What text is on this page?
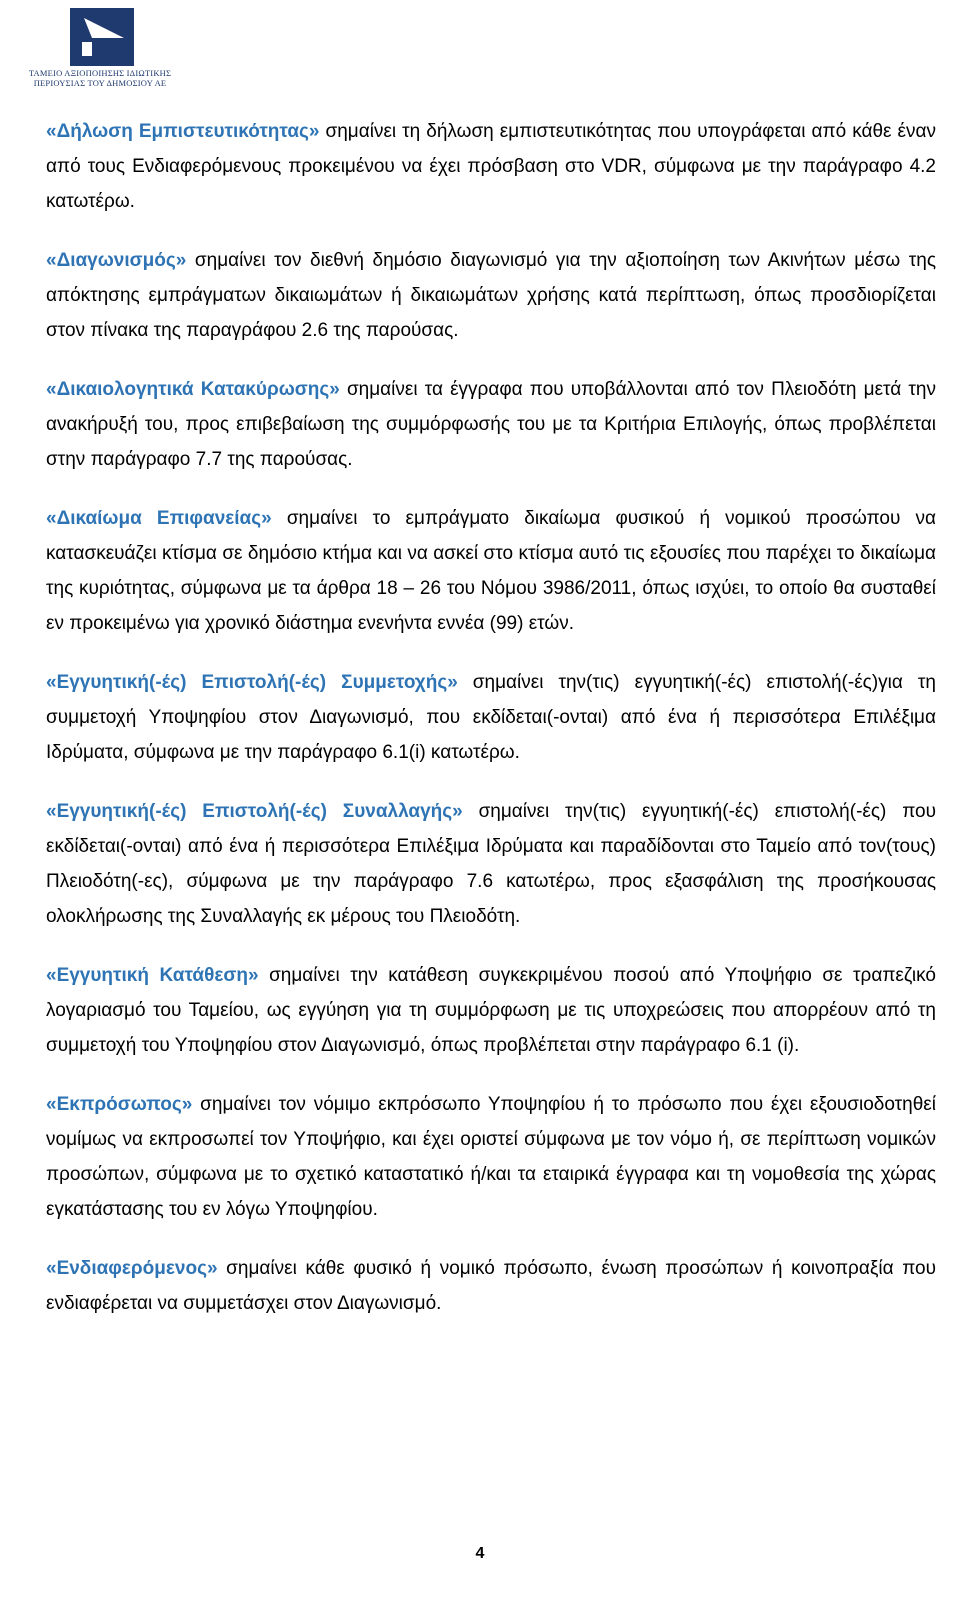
ΤΑΜΕΙΟ ΑΞΙΟΠΟΙΗΣΗΣ ΙΔΙΩΤΙΚΗΣ
ΠΕΡΙΟΥΣΙΑΣ ΤΟΥ ΔΗΜΟΣΙΟΥ ΑΕ

«Δήλωση Εμπιστευτικότητας» σημαίνει τη δήλωση εμπιστευτικότητας που υπογράφεται από κάθε έναν από τους Ενδιαφερόμενους προκειμένου να έχει πρόσβαση στο VDR, σύμφωνα με την παράγραφο 4.2 κατωτέρω.

«Διαγωνισμός» σημαίνει τον διεθνή δημόσιο διαγωνισμό για την αξιοποίηση των Ακινήτων μέσω της απόκτησης εμπράγματων δικαιωμάτων ή δικαιωμάτων χρήσης κατά περίπτωση, όπως προσδιορίζεται στον πίνακα της παραγράφου 2.6 της παρούσας.

«Δικαιολογητικά Κατακύρωσης» σημαίνει τα έγγραφα που υποβάλλονται από τον Πλειοδότη μετά την ανακήρυξή του, προς επιβεβαίωση της συμμόρφωσής του με τα Κριτήρια Επιλογής, όπως προβλέπεται στην παράγραφο 7.7 της παρούσας.

«Δικαίωμα Επιφανείας» σημαίνει το εμπράγματο δικαίωμα φυσικού ή νομικού προσώπου να κατασκευάζει κτίσμα σε δημόσιο κτήμα και να ασκεί στο κτίσμα αυτό τις εξουσίες που παρέχει το δικαίωμα της κυριότητας, σύμφωνα με τα άρθρα 18 – 26 του Νόμου 3986/2011, όπως ισχύει, το οποίο θα συσταθεί εν προκειμένω για χρονικό διάστημα ενενήντα εννέα (99) ετών.

«Εγγυητική(-ές) Επιστολή(-ές) Συμμετοχής» σημαίνει την(τις) εγγυητική(-ές) επιστολή(-ές)για τη συμμετοχή Υποψηφίου στον Διαγωνισμό, που εκδίδεται(-ονται) από ένα ή περισσότερα Επιλέξιμα Ιδρύματα, σύμφωνα με την παράγραφο 6.1(i) κατωτέρω.

«Εγγυητική(-ές) Επιστολή(-ές) Συναλλαγής» σημαίνει την(τις) εγγυητική(-ές) επιστολή(-ές) που εκδίδεται(-ονται) από ένα ή περισσότερα Επιλέξιμα Ιδρύματα και παραδίδονται στο Ταμείο από τον(τους) Πλειοδότη(-ες), σύμφωνα με την παράγραφο 7.6 κατωτέρω, προς εξασφάλιση της προσήκουσας ολοκλήρωσης της Συναλλαγής εκ μέρους του Πλειοδότη.

«Εγγυητική Κατάθεση» σημαίνει την κατάθεση συγκεκριμένου ποσού από Υποψήφιο σε τραπεζικό λογαριασμό του Ταμείου, ως εγγύηση για τη συμμόρφωση με τις υποχρεώσεις που απορρέουν από τη συμμετοχή του Υποψηφίου στον Διαγωνισμό, όπως προβλέπεται στην παράγραφο 6.1 (i).

«Εκπρόσωπος» σημαίνει τον νόμιμο εκπρόσωπο Υποψηφίου ή το πρόσωπο που έχει εξουσιοδοτηθεί νομίμως να εκπροσωπεί τον Υποψήφιο, και έχει οριστεί σύμφωνα με τον νόμο ή, σε περίπτωση νομικών προσώπων, σύμφωνα με το σχετικό καταστατικό ή/και τα εταιρικά έγγραφα και τη νομοθεσία της χώρας εγκατάστασης του εν λόγω Υποψηφίου.

«Ενδιαφερόμενος» σημαίνει κάθε φυσικό ή νομικό πρόσωπο, ένωση προσώπων ή κοινοπραξία που ενδιαφέρεται να συμμετάσχει στον Διαγωνισμό.

4
